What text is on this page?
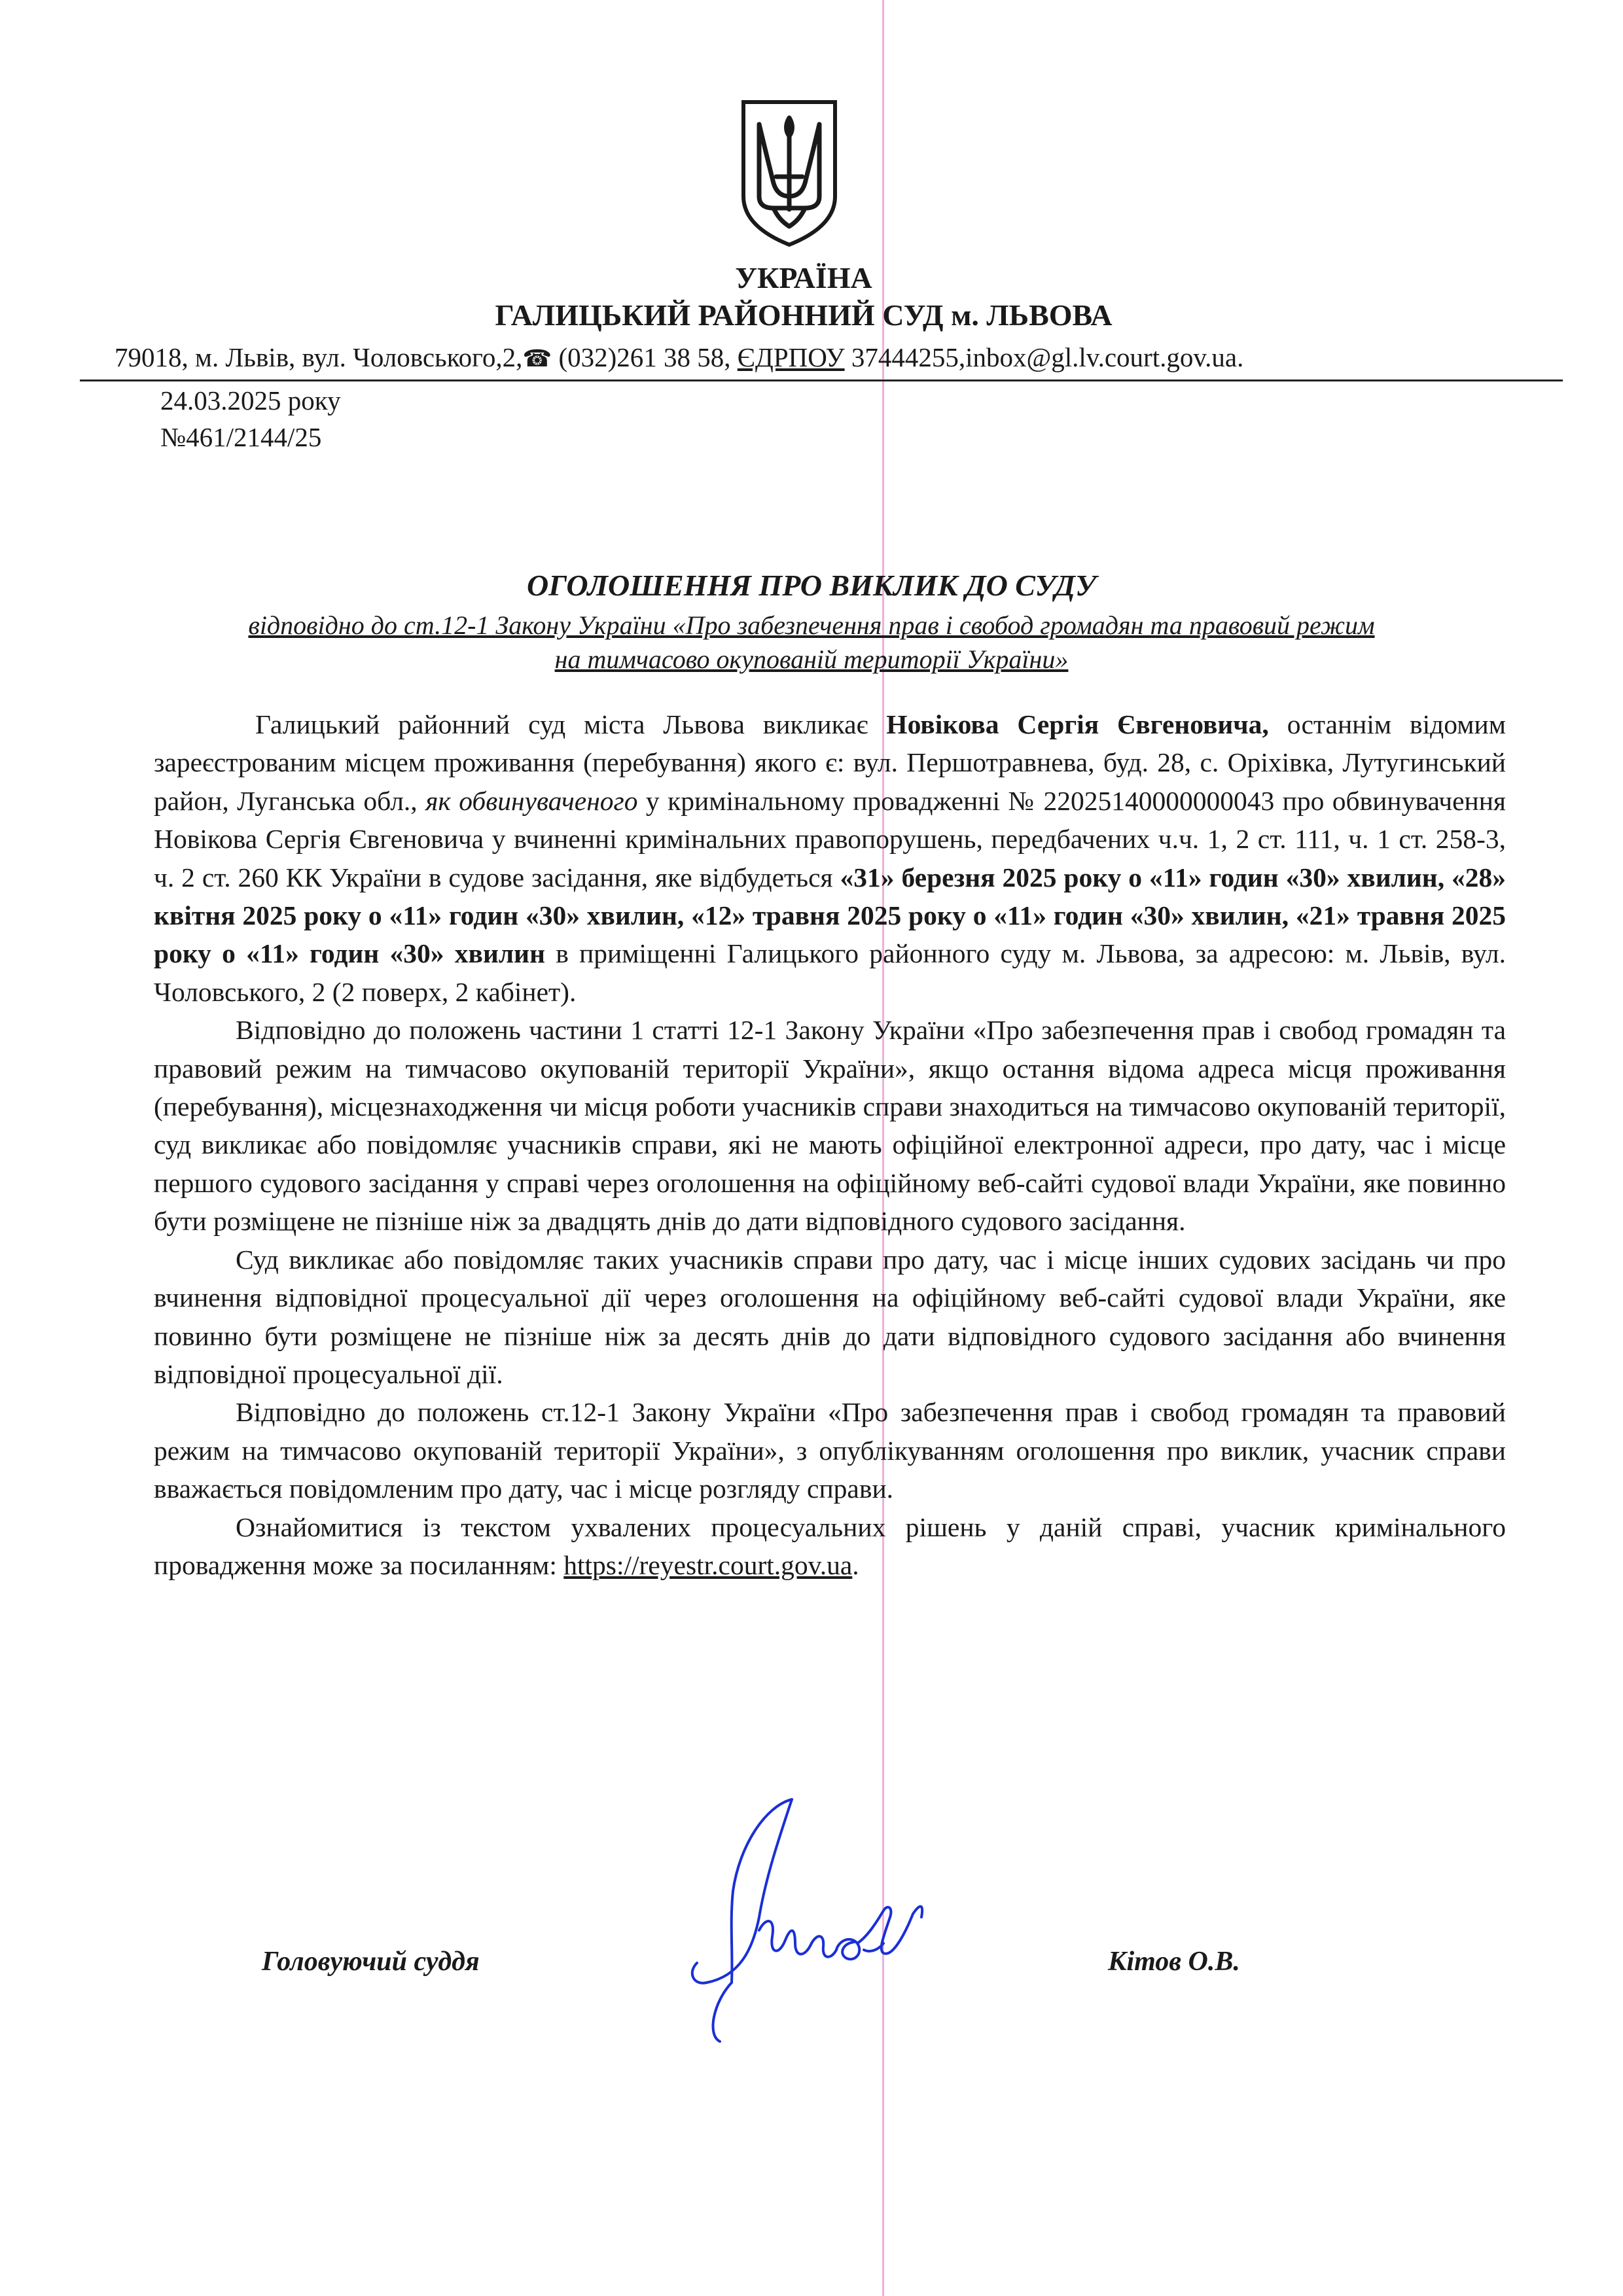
УКРАЇНА
ГАЛИЦЬКИЙ РАЙОННИЙ СУД м. ЛЬВОВА
79018, м. Львів, вул. Чоловського,2,☎ (032)261 38 58, ЄДРПОУ 37444255,inbox@gl.lv.court.gov.ua.
24.03.2025 року
№461/2144/25
ОГОЛОШЕННЯ ПРО ВИКЛИК ДО СУДУ
відповідно до ст.12-1 Закону України «Про забезпечення прав і свобод громадян та правовий режим
на тимчасово окупованій території України»

Галицький районний суд міста Львова викликає Новікова Сергія Євгеновича, останнім відомим зареєстрованим місцем проживання (перебування) якого є: вул. Першотравнева, буд. 28, с. Оріхівка, Лутугинський район, Луганська обл., як обвинуваченого у кримінальному провадженні № 22025140000000043 про обвинувачення Новікова Сергія Євгеновича у вчиненні кримінальних правопорушень, передбачених ч.ч. 1, 2 ст. 111, ч. 1 ст. 258-3, ч. 2 ст. 260 КК України в судове засідання, яке відбудеться «31» березня 2025 року о «11» годин «30» хвилин, «28» квітня 2025 року о «11» годин «30» хвилин, «12» травня 2025 року о «11» годин «30» хвилин, «21» травня 2025 року о «11» годин «30» хвилин в приміщенні Галицького районного суду м. Львова, за адресою: м. Львів, вул. Чоловського, 2 (2 поверх, 2 кабінет).

Відповідно до положень частини 1 статті 12-1 Закону України «Про забезпечення прав і свобод громадян та правовий режим на тимчасово окупованій території України», якщо остання відома адреса місця проживання (перебування), місцезнаходження чи місця роботи учасників справи знаходиться на тимчасово окупованій території, суд викликає або повідомляє учасників справи, які не мають офіційної електронної адреси, про дату, час і місце першого судового засідання у справі через оголошення на офіційному веб-сайті судової влади України, яке повинно бути розміщене не пізніше ніж за двадцять днів до дати відповідного судового засідання.

Суд викликає або повідомляє таких учасників справи про дату, час і місце інших судових засідань чи про вчинення відповідної процесуальної дії через оголошення на офіційному веб-сайті судової влади України, яке повинно бути розміщене не пізніше ніж за десять днів до дати відповідного судового засідання або вчинення відповідної процесуальної дії.

Відповідно до положень ст.12-1 Закону України «Про забезпечення прав і свобод громадян та правовий режим на тимчасово окупованій території України», з опублікуванням оголошення про виклик, учасник справи вважається повідомленим про дату, час і місце розгляду справи.

Ознайомитися із текстом ухвалених процесуальних рішень у даній справі, учасник кримінального провадження може за посиланням: https://reyestr.court.gov.ua.

Головуючий суддя	Кітов О.В.
